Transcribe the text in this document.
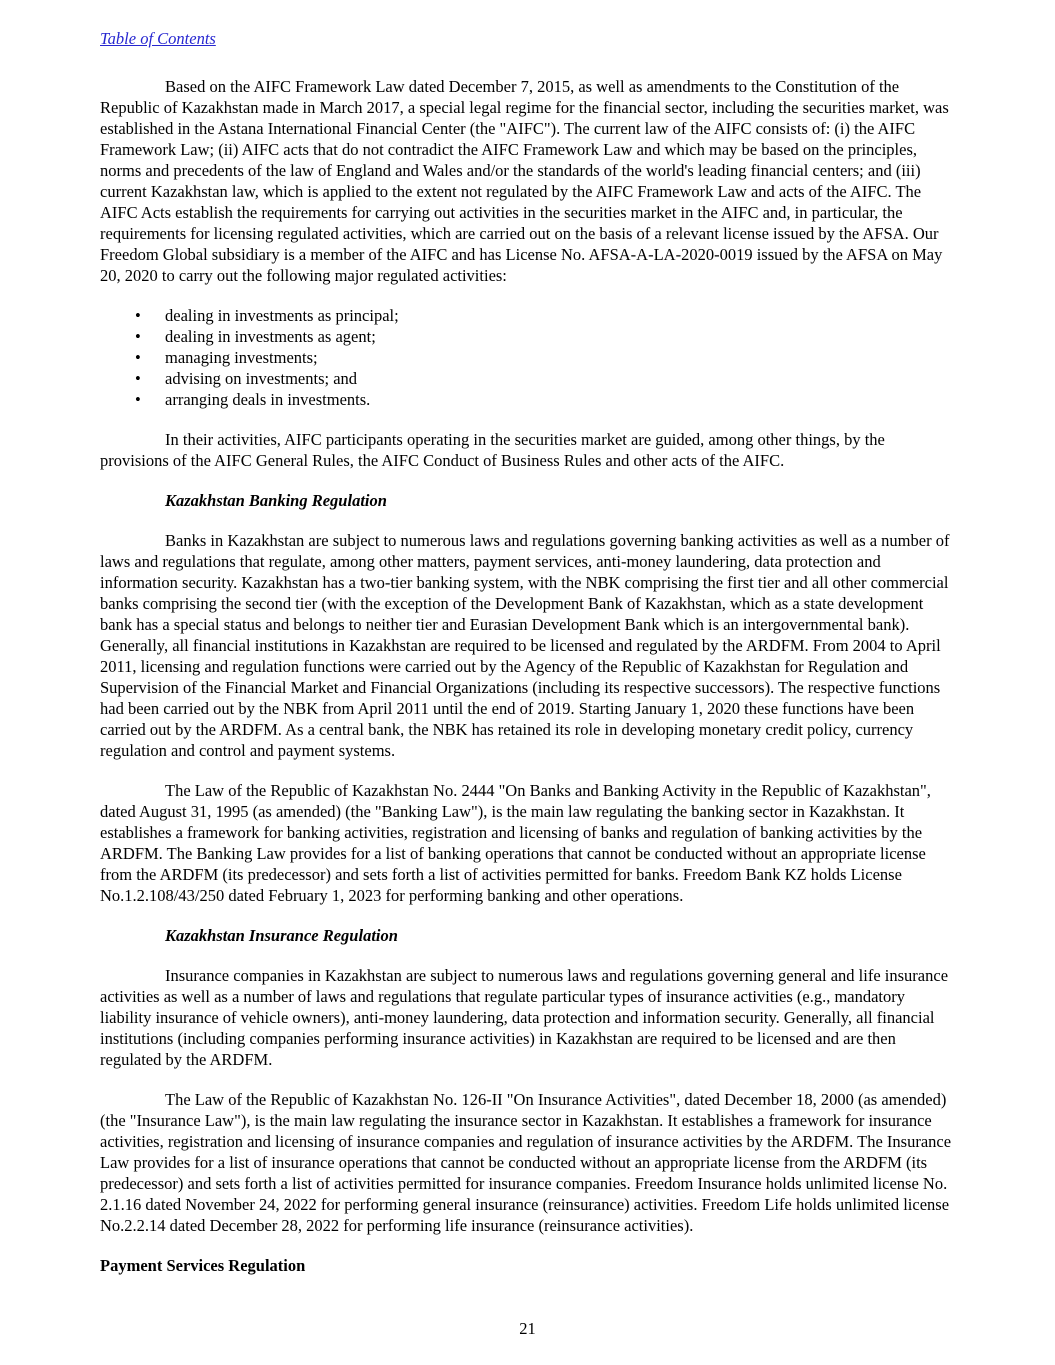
Table of Contents

Based on the AIFC Framework Law dated December 7, 2015, as well as amendments to the Constitution of the Republic of Kazakhstan made in March 2017, a special legal regime for the financial sector, including the securities market, was established in the Astana International Financial Center (the "AIFC"). The current law of the AIFC consists of: (i) the AIFC Framework Law; (ii) AIFC acts that do not contradict the AIFC Framework Law and which may be based on the principles, norms and precedents of the law of England and Wales and/or the standards of the world's leading financial centers; and (iii) current Kazakhstan law, which is applied to the extent not regulated by the AIFC Framework Law and acts of the AIFC. The AIFC Acts establish the requirements for carrying out activities in the securities market in the AIFC and, in particular, the requirements for licensing regulated activities, which are carried out on the basis of a relevant license issued by the AFSA. Our Freedom Global subsidiary is a member of the AIFC and has License No. AFSA-A-LA-2020-0019 issued by the AFSA on May 20, 2020 to carry out the following major regulated activities:

•	dealing in investments as principal;
•	dealing in investments as agent;
•	managing investments;
•	advising on investments; and
•	arranging deals in investments.

In their activities, AIFC participants operating in the securities market are guided, among other things, by the provisions of the AIFC General Rules, the AIFC Conduct of Business Rules and other acts of the AIFC.

Kazakhstan Banking Regulation

Banks in Kazakhstan are subject to numerous laws and regulations governing banking activities as well as a number of laws and regulations that regulate, among other matters, payment services, anti-money laundering, data protection and information security. Kazakhstan has a two-tier banking system, with the NBK comprising the first tier and all other commercial banks comprising the second tier (with the exception of the Development Bank of Kazakhstan, which as a state development bank has a special status and belongs to neither tier and Eurasian Development Bank which is an intergovernmental bank). Generally, all financial institutions in Kazakhstan are required to be licensed and regulated by the ARDFM. From 2004 to April 2011, licensing and regulation functions were carried out by the Agency of the Republic of Kazakhstan for Regulation and Supervision of the Financial Market and Financial Organizations (including its respective successors). The respective functions had been carried out by the NBK from April 2011 until the end of 2019. Starting January 1, 2020 these functions have been carried out by the ARDFM. As a central bank, the NBK has retained its role in developing monetary credit policy, currency regulation and control and payment systems.

The Law of the Republic of Kazakhstan No. 2444 "On Banks and Banking Activity in the Republic of Kazakhstan", dated August 31, 1995 (as amended) (the "Banking Law"), is the main law regulating the banking sector in Kazakhstan. It establishes a framework for banking activities, registration and licensing of banks and regulation of banking activities by the ARDFM. The Banking Law provides for a list of banking operations that cannot be conducted without an appropriate license from the ARDFM (its predecessor) and sets forth a list of activities permitted for banks. Freedom Bank KZ holds License No.1.2.108/43/250 dated February 1, 2023 for performing banking and other operations.

Kazakhstan Insurance Regulation

Insurance companies in Kazakhstan are subject to numerous laws and regulations governing general and life insurance activities as well as a number of laws and regulations that regulate particular types of insurance activities (e.g., mandatory liability insurance of vehicle owners), anti-money laundering, data protection and information security. Generally, all financial institutions (including companies performing insurance activities) in Kazakhstan are required to be licensed and are then regulated by the ARDFM.

The Law of the Republic of Kazakhstan No. 126-II "On Insurance Activities", dated December 18, 2000 (as amended) (the "Insurance Law"), is the main law regulating the insurance sector in Kazakhstan. It establishes a framework for insurance activities, registration and licensing of insurance companies and regulation of insurance activities by the ARDFM. The Insurance Law provides for a list of insurance operations that cannot be conducted without an appropriate license from the ARDFM (its predecessor) and sets forth a list of activities permitted for insurance companies. Freedom Insurance holds unlimited license No. 2.1.16 dated November 24, 2022 for performing general insurance (reinsurance) activities. Freedom Life holds unlimited license No.2.2.14 dated December 28, 2022 for performing life insurance (reinsurance activities).

Payment Services Regulation
21
